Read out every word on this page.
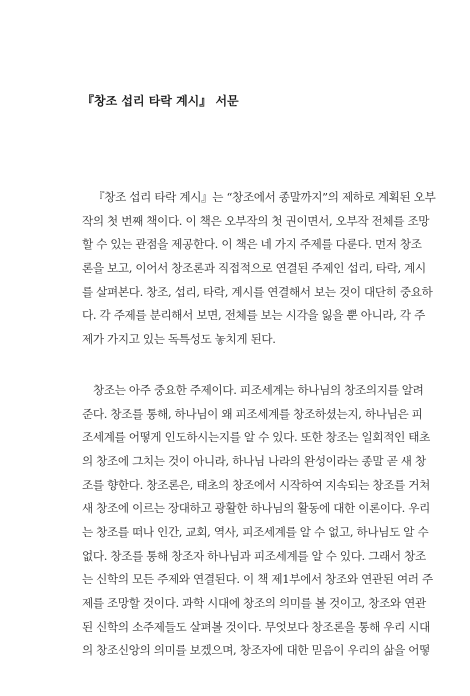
『창조 섭리 타락 계시』 서문

『창조 섭리 타락 계시』는 “창조에서 종말까지”의 제하로 계획된 오부
작의 첫 번째 책이다. 이 책은 오부작의 첫 권이면서, 오부작 전체를 조망
할 수 있는 관점을 제공한다. 이 책은 네 가지 주제를 다룬다. 먼저 창조
론을 보고, 이어서 창조론과 직접적으로 연결된 주제인 섭리, 타락, 계시
를 살펴본다. 창조, 섭리, 타락, 계시를 연결해서 보는 것이 대단히 중요하
다. 각 주제를 분리해서 보면, 전체를 보는 시각을 잃을 뿐 아니라, 각 주
제가 가지고 있는 독특성도 놓치게 된다.

창조는 아주 중요한 주제이다. 피조세계는 하나님의 창조의지를 알려
준다. 창조를 통해, 하나님이 왜 피조세계를 창조하셨는지, 하나님은 피
조세계를 어떻게 인도하시는지를 알 수 있다. 또한 창조는 일회적인 태초
의 창조에 그치는 것이 아니라, 하나님 나라의 완성이라는 종말 곧 새 창
조를 향한다. 창조론은, 태초의 창조에서 시작하여 지속되는 창조를 거쳐
새 창조에 이르는 장대하고 광활한 하나님의 활동에 대한 이론이다. 우리
는 창조를 떠나 인간, 교회, 역사, 피조세계를 알 수 없고, 하나님도 알 수
없다. 창조를 통해 창조자 하나님과 피조세계를 알 수 있다. 그래서 창조
는 신학의 모든 주제와 연결된다. 이 책 제1부에서 창조와 연관된 여러 주
제를 조망할 것이다. 과학 시대에 창조의 의미를 볼 것이고, 창조와 연관
된 신학의 소주제들도 살펴볼 것이다. 무엇보다 창조론을 통해 우리 시대
의 창조신앙의 의미를 보겠으며, 창조자에 대한 믿음이 우리의 삶을 어떻
